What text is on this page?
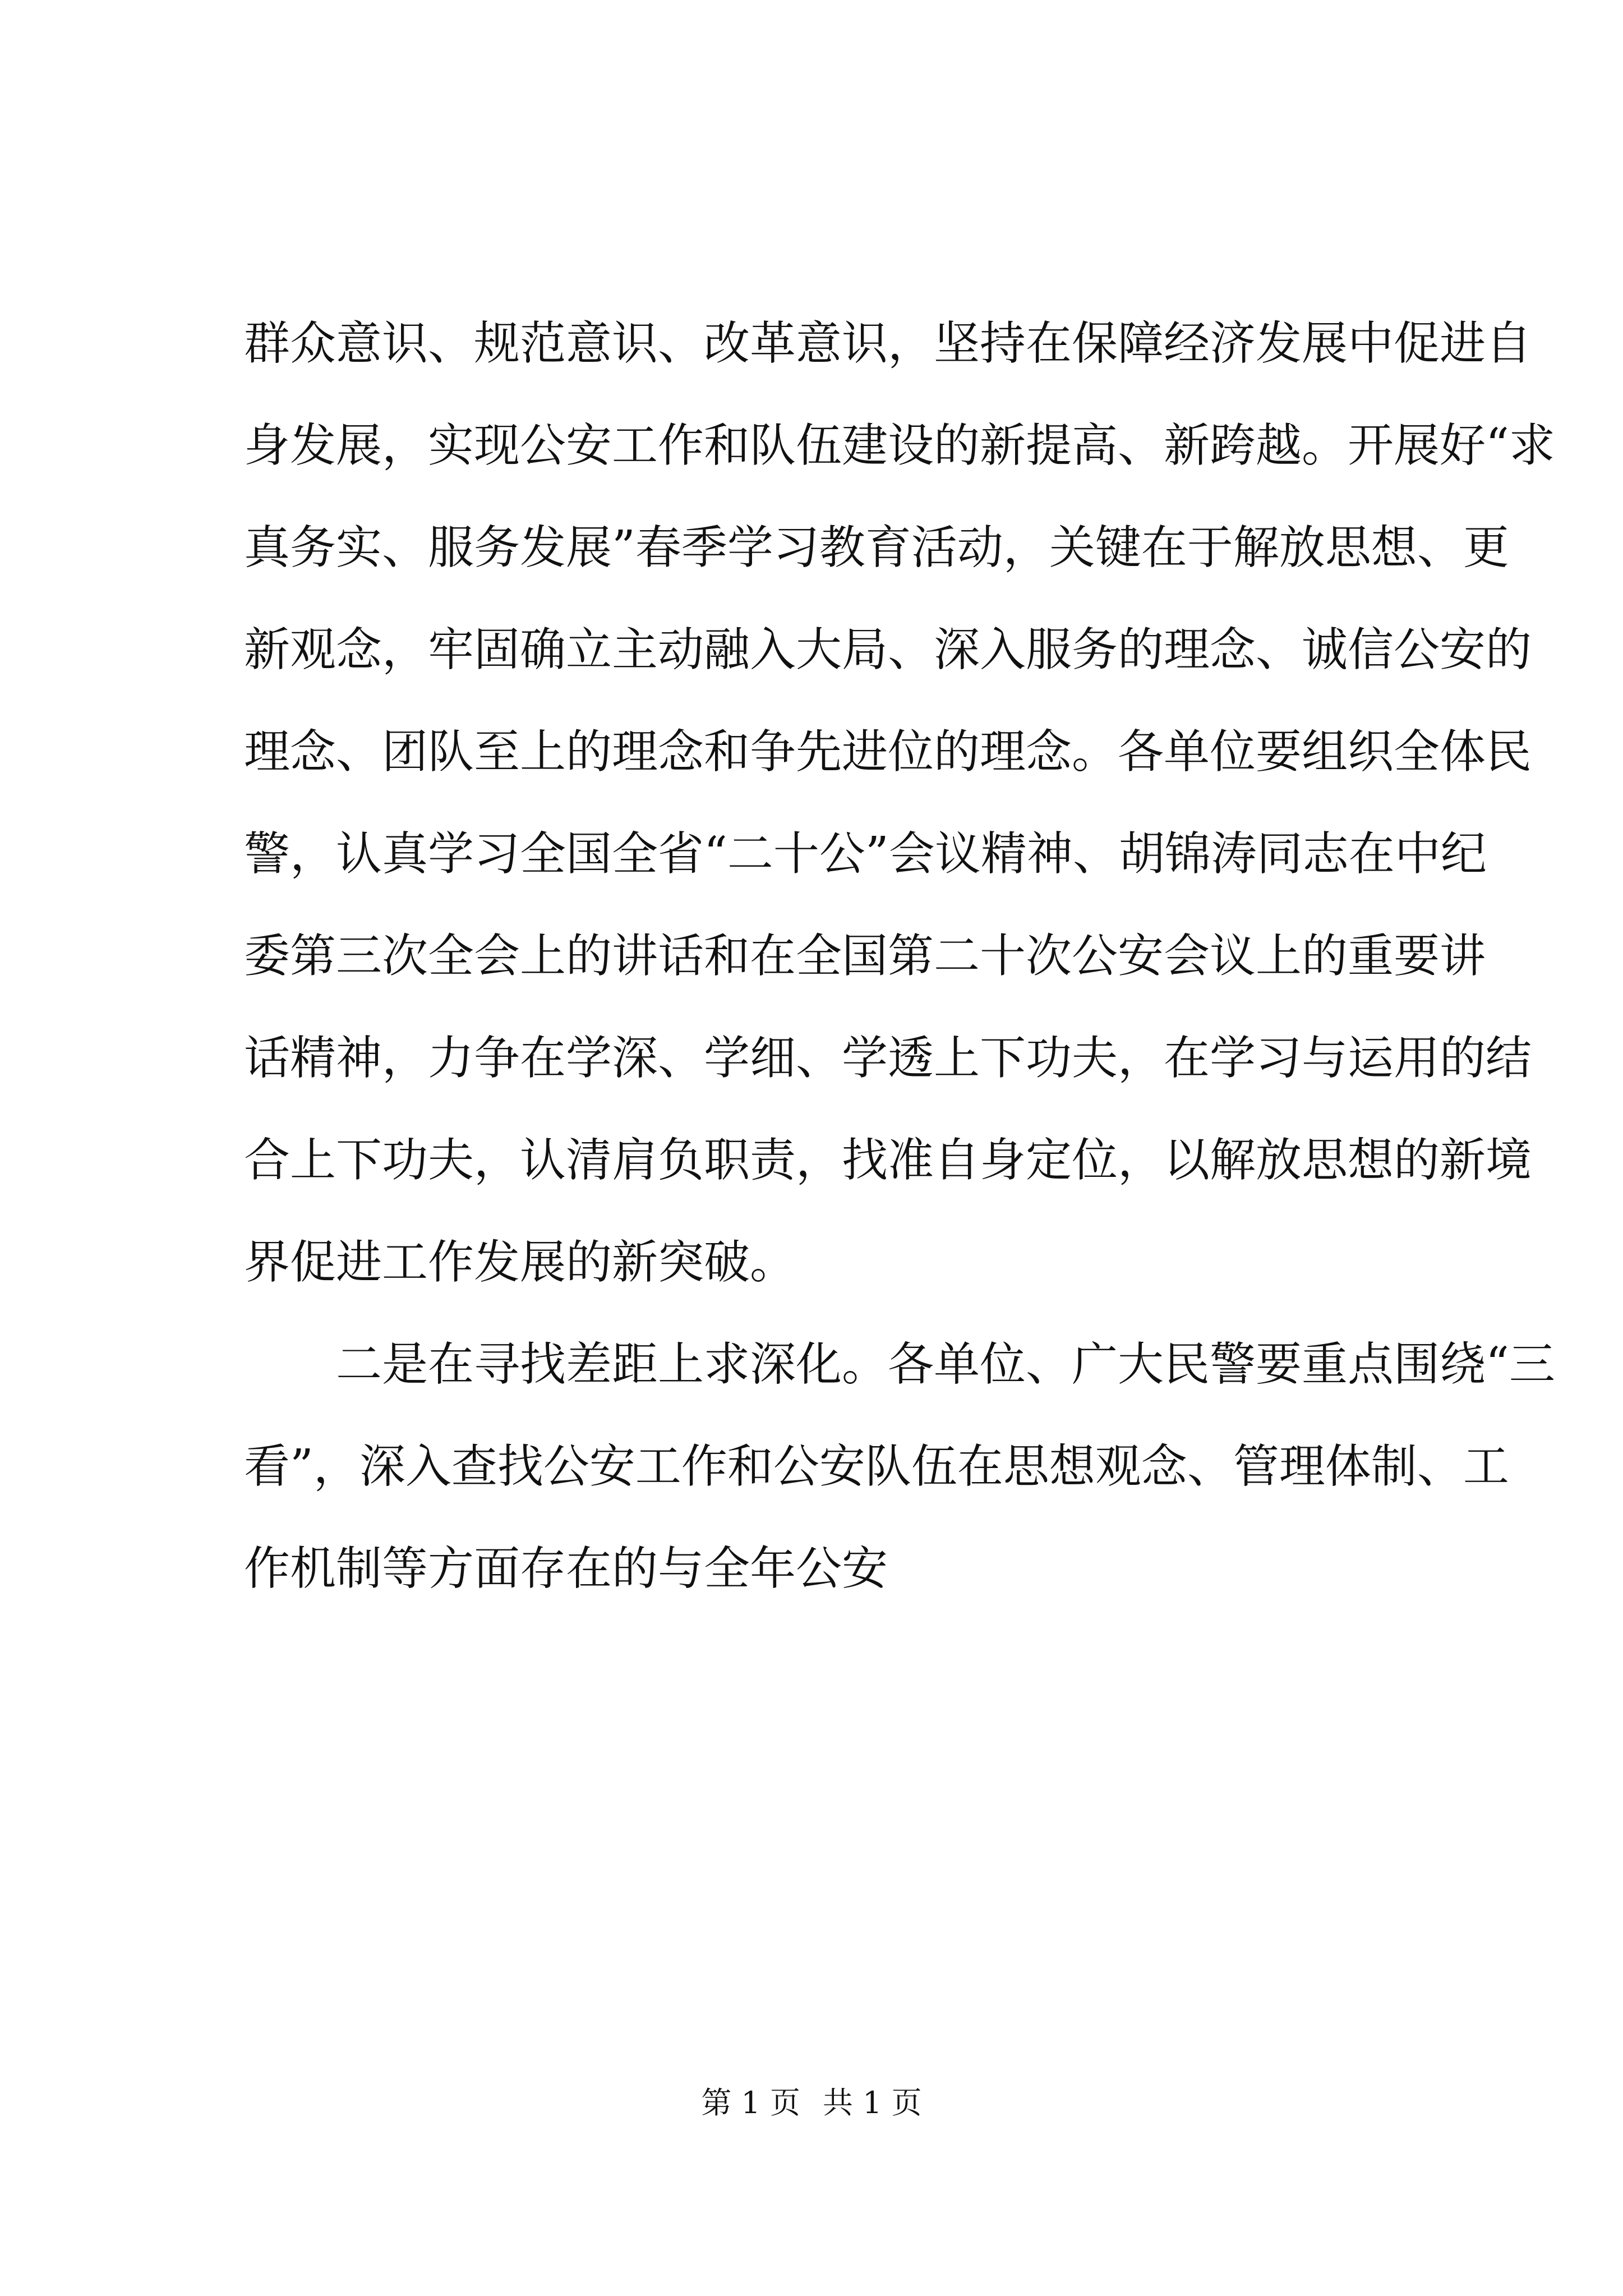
群众意识、规范意识、改革意识，坚持在保障经济发展中促进自
身发展，实现公安工作和队伍建设的新提高、新跨越。开展好“求
真务实、服务发展”春季学习教育活动，关键在于解放思想、更
新观念，牢固确立主动融入大局、深入服务的理念、诚信公安的
理念、团队至上的理念和争先进位的理念。各单位要组织全体民
警，认真学习全国全省“二十公”会议精神、胡锦涛同志在中纪
委第三次全会上的讲话和在全国第二十次公安会议上的重要讲
话精神，力争在学深、学细、学透上下功夫，在学习与运用的结
合上下功夫，认清肩负职责，找准自身定位，以解放思想的新境
界促进工作发展的新突破。
二是在寻找差距上求深化。各单位、广大民警要重点围绕“三
看”，深入查找公安工作和公安队伍在思想观念、管理体制、工
作机制等方面存在的与全年公安
第 1 页 共 1 页
